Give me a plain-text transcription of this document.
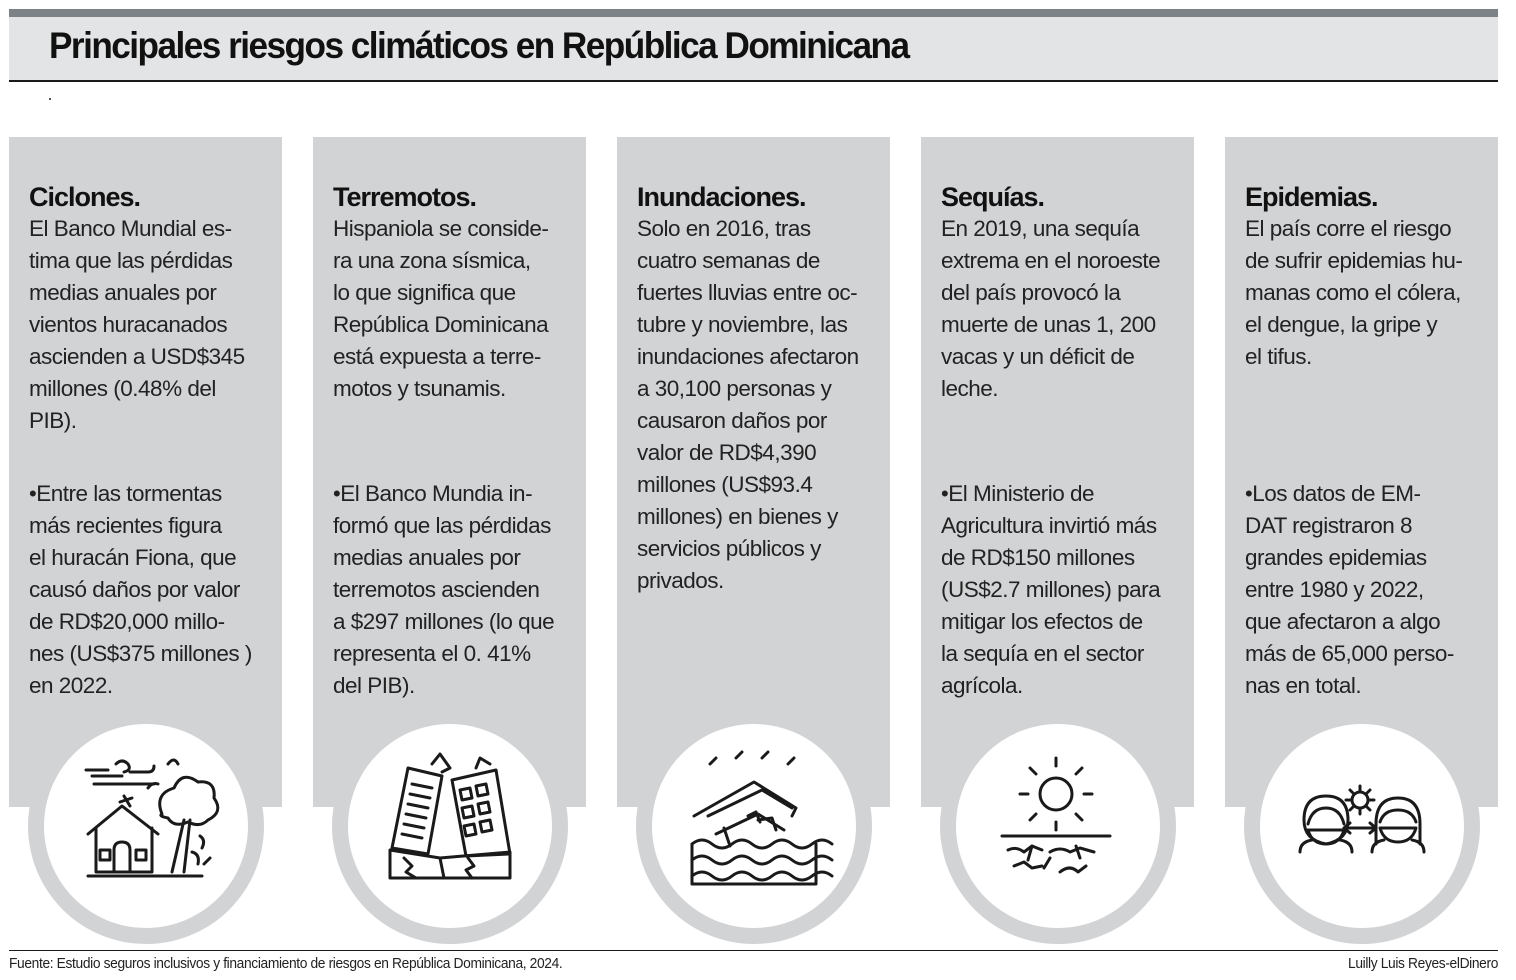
Principales riesgos climáticos en República Dominicana
Ciclones.

El Banco Mundial es-
tima que las pérdidas
medias anuales por
vientos huracanados
ascienden a USD$345
millones (0.48% del
PIB).

•Entre las tormentas
más recientes figura
el huracán Fiona, que
causó daños por valor
de RD$20,000 millo-
nes (US$375 millones )
en 2022.

Terremotos.

Hispaniola se conside-
ra una zona sísmica,
lo que significa que
República Dominicana
está expuesta a terre-
motos y tsunamis.

•El Banco Mundia in-
formó que las pérdidas
medias anuales por
terremotos ascienden
a $297 millones (lo que
representa el 0. 41%
del PIB).

Inundaciones.

Solo en 2016, tras
cuatro semanas de
fuertes lluvias entre oc-
tubre y noviembre, las
inundaciones afectaron
a 30,100 personas y
causaron daños por
valor de RD$4,390
millones (US$93.4
millones) en bienes y
servicios públicos y
privados.

Sequías.

En 2019, una sequía
extrema en el noroeste
del país provocó la
muerte de unas 1, 200
vacas y un déficit de
leche.

•El Ministerio de
Agricultura invirtió más
de RD$150 millones
(US$2.7 millones) para
mitigar los efectos de
la sequía en el sector
agrícola.

Epidemias.

El país corre el riesgo
de sufrir epidemias hu-
manas como el cólera,
el dengue, la gripe y
el tifus.

•Los datos de EM-
DAT registraron 8
grandes epidemias
entre 1980 y 2022,
que afectaron a algo
más de 65,000 perso-
nas en total.

Fuente: Estudio seguros inclusivos y financiamiento de riesgos en República Dominicana, 2024.	Luilly Luis Reyes-elDinero
